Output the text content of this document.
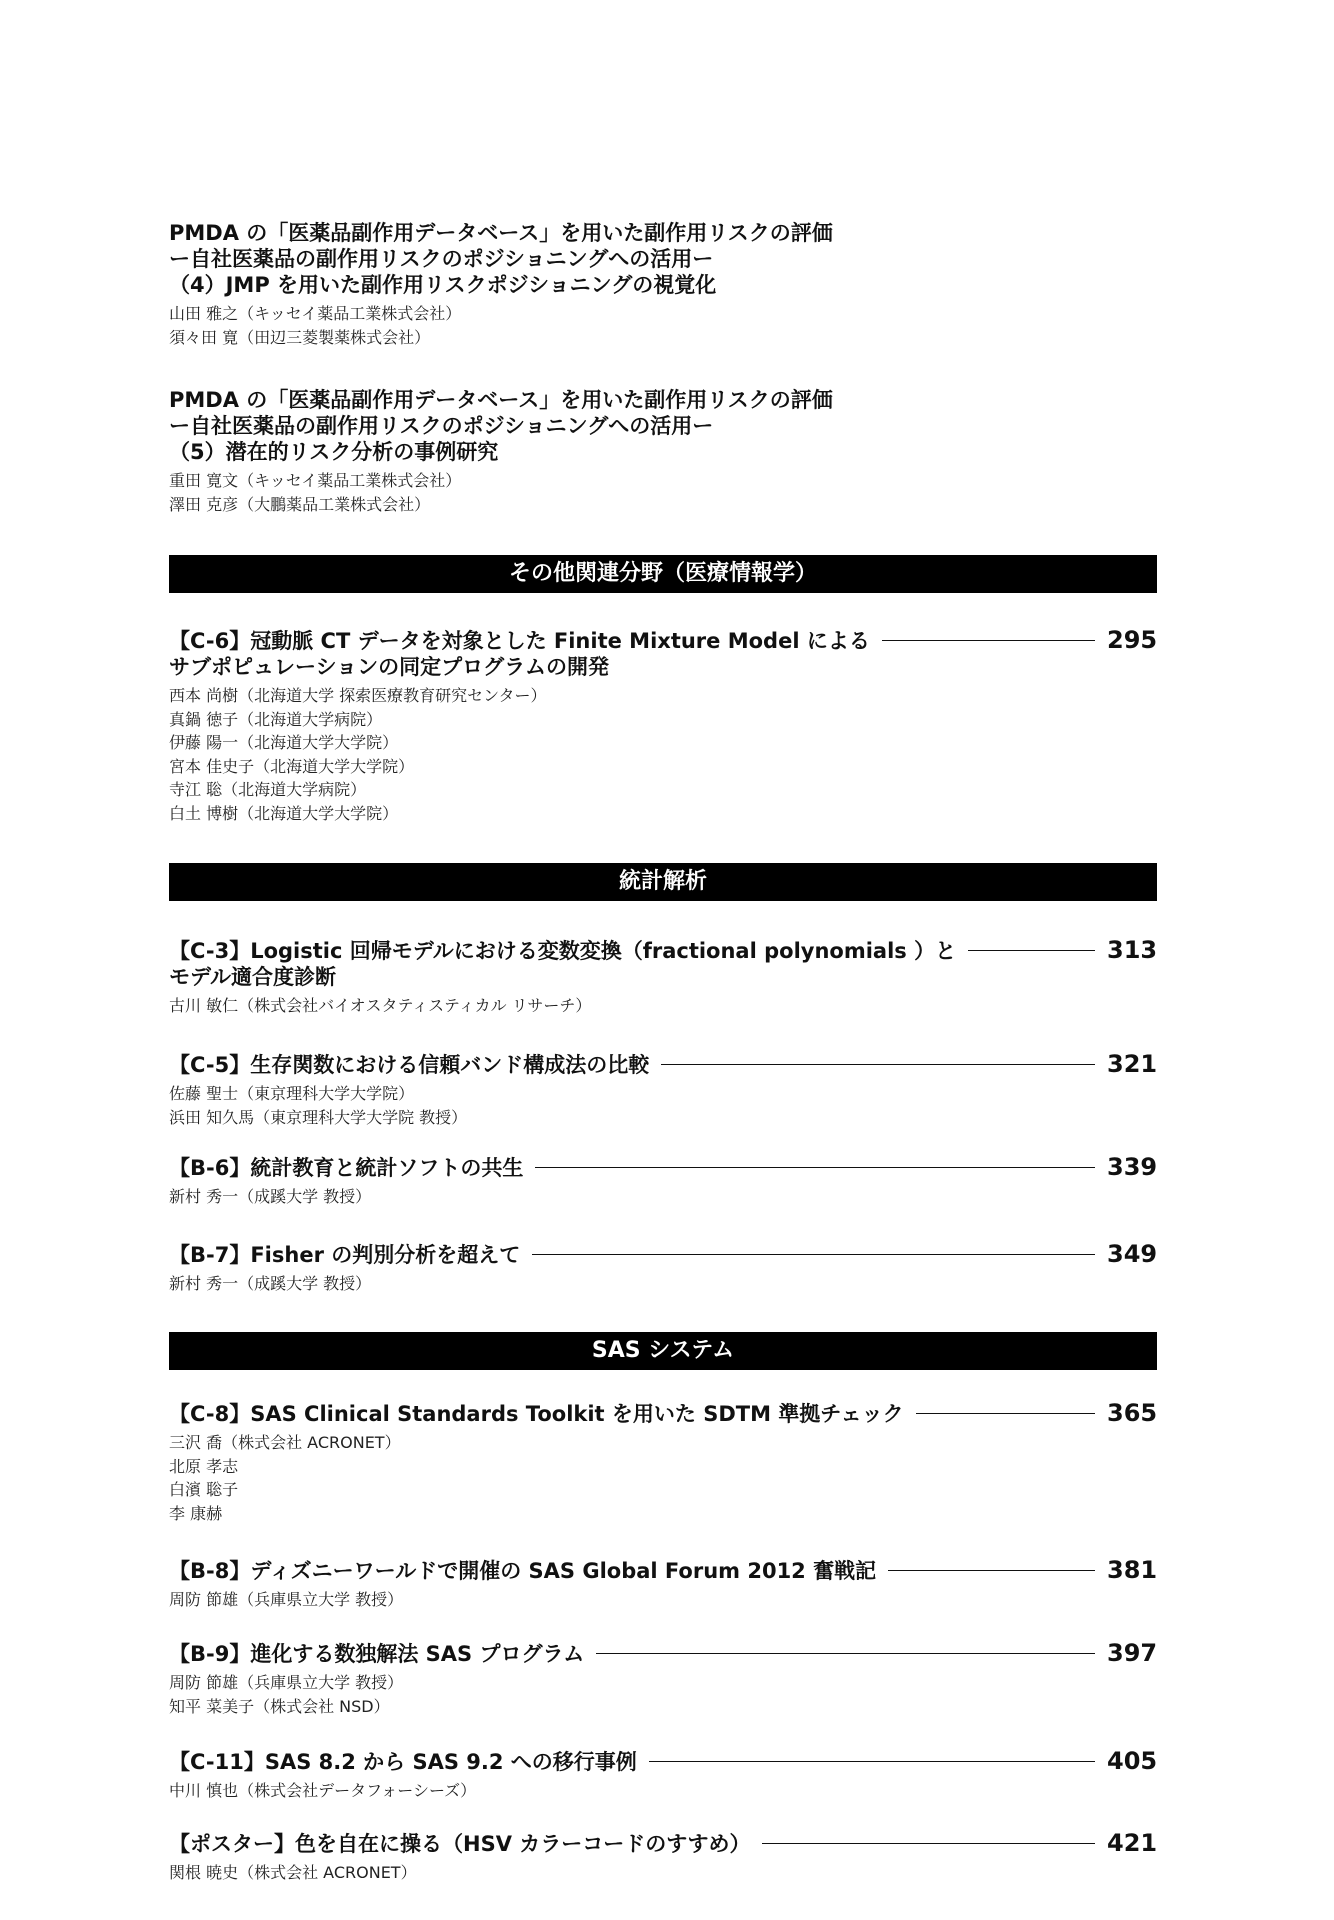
PMDA の「医薬品副作用データベース」を用いた副作用リスクの評価
ー自社医薬品の副作用リスクのポジショニングへの活用ー
（4）JMP を用いた副作用リスクポジショニングの視覚化
山田 雅之（キッセイ薬品工業株式会社）
須々田 寛（田辺三菱製薬株式会社）
PMDA の「医薬品副作用データベース」を用いた副作用リスクの評価
ー自社医薬品の副作用リスクのポジショニングへの活用ー
（5）潜在的リスク分析の事例研究
重田 寛文（キッセイ薬品工業株式会社）
澤田 克彦（大鵬薬品工業株式会社）
その他関連分野（医療情報学）
【C-6】冠動脈 CT データを対象とした Finite Mixture Model による	295
サブポピュレーションの同定プログラムの開発
西本 尚樹（北海道大学 探索医療教育研究センター）
真鍋 徳子（北海道大学病院）
伊藤 陽一（北海道大学大学院）
宮本 佳史子（北海道大学大学院）
寺江 聡（北海道大学病院）
白土 博樹（北海道大学大学院）
統計解析
【C-3】Logistic 回帰モデルにおける変数変換（fractional polynomials ）と	313
モデル適合度診断
古川 敏仁（株式会社バイオスタティスティカル リサーチ）
【C-5】生存関数における信頼バンド構成法の比較	321
佐藤 聖士（東京理科大学大学院）
浜田 知久馬（東京理科大学大学院 教授）
【B-6】統計教育と統計ソフトの共生	339
新村 秀一（成蹊大学 教授）
【B-7】Fisher の判別分析を超えて	349
新村 秀一（成蹊大学 教授）
SAS システム
【C-8】SAS Clinical Standards Toolkit を用いた SDTM 準拠チェック	365
三沢 喬（株式会社 ACRONET）
北原 孝志
白濱 聡子
李 康赫
【B-8】ディズニーワールドで開催の SAS Global Forum 2012 奮戦記	381
周防 節雄（兵庫県立大学 教授）
【B-9】進化する数独解法 SAS プログラム	397
周防 節雄（兵庫県立大学 教授）
知平 菜美子（株式会社 NSD）
【C-11】SAS 8.2 から SAS 9.2 への移行事例	405
中川 慎也（株式会社データフォーシーズ）
【ポスター】色を自在に操る（HSV カラーコードのすすめ）	421
関根 暁史（株式会社 ACRONET）
